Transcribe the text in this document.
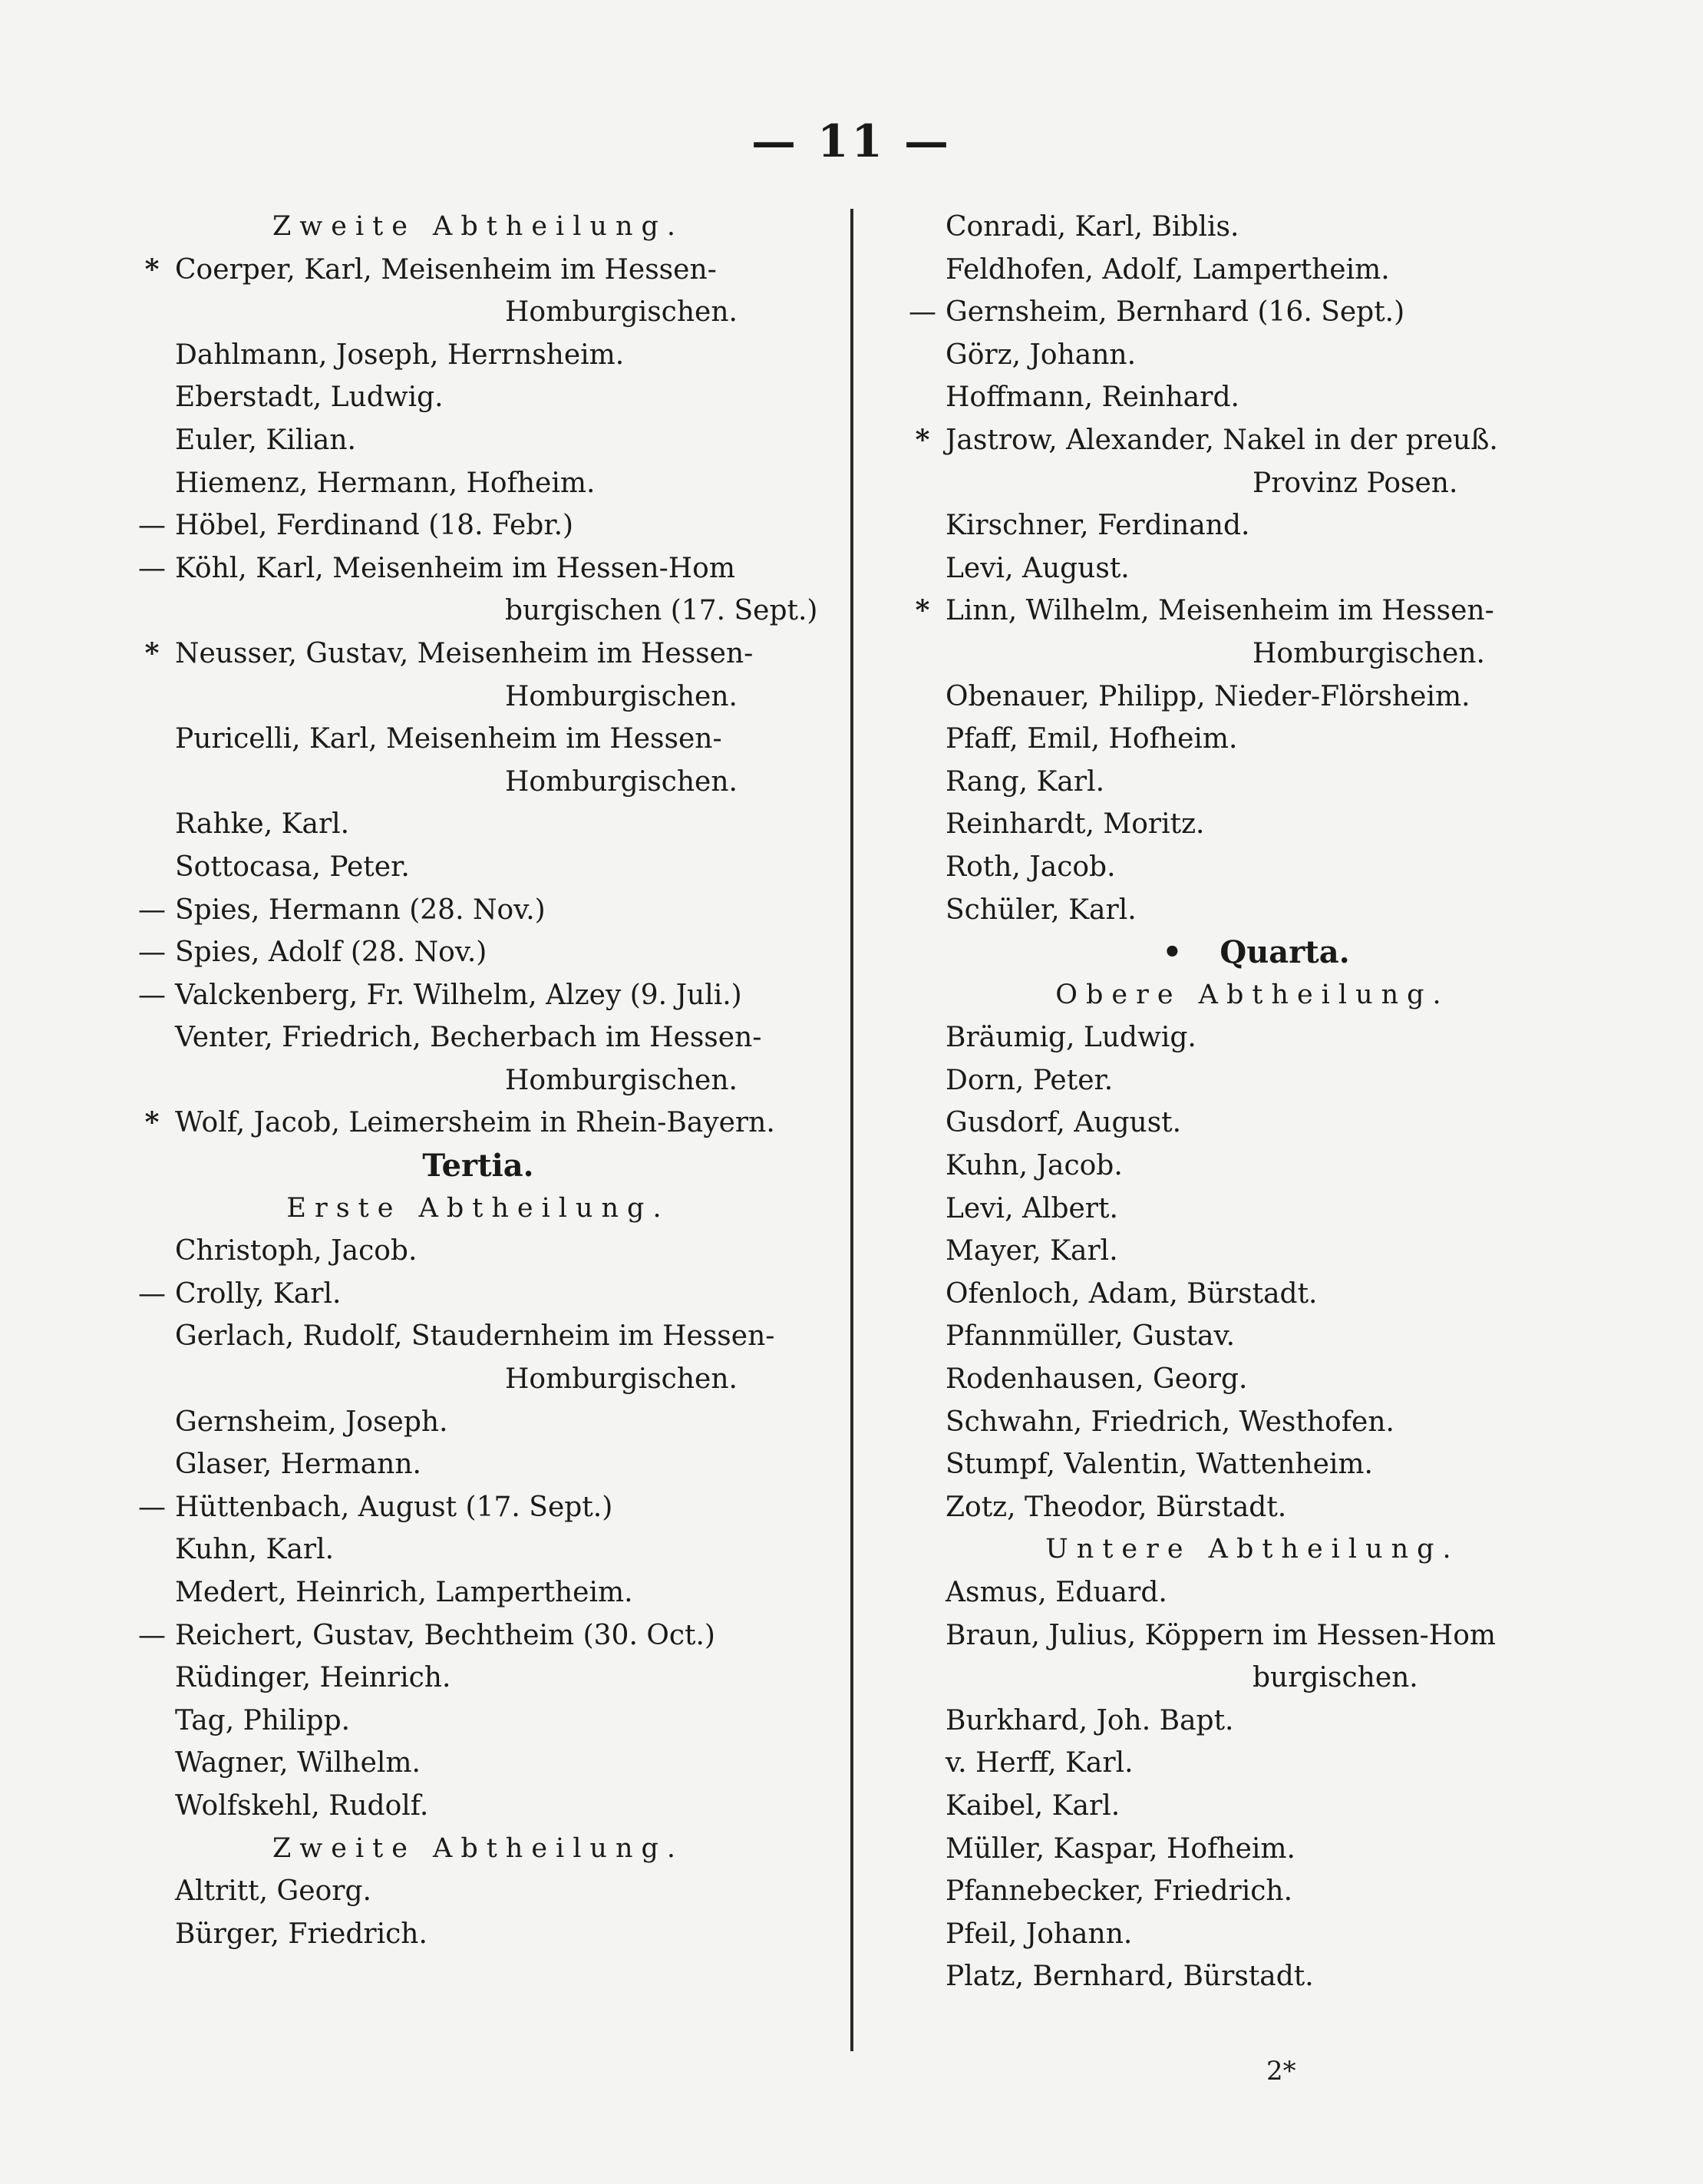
— 11 —
Zweite Abtheilung.
* Coerper, Karl, Meisenheim im Hessen-
Homburgischen.
Dahlmann, Joseph, Herrnsheim.
Eberstadt, Ludwig.
Euler, Kilian.
Hiemenz, Hermann, Hofheim.
— Höbel, Ferdinand (18. Febr.)
— Köhl, Karl, Meisenheim im Hessen-Hom
burgischen (17. Sept.)
* Neusser, Gustav, Meisenheim im Hessen-
Homburgischen.
Puricelli, Karl, Meisenheim im Hessen-
Homburgischen.
Rahke, Karl.
Sottocasa, Peter.
— Spies, Hermann (28. Nov.)
— Spies, Adolf (28. Nov.)
— Valckenberg, Fr. Wilhelm, Alzey (9. Juli.)
Venter, Friedrich, Becherbach im Hessen-
Homburgischen.
* Wolf, Jacob, Leimersheim in Rhein-Bayern.
Tertia.
Erste Abtheilung.
Christoph, Jacob.
— Crolly, Karl.
Gerlach, Rudolf, Staudernheim im Hessen-
Homburgischen.
Gernsheim, Joseph.
Glaser, Hermann.
— Hüttenbach, August (17. Sept.)
Kuhn, Karl.
Medert, Heinrich, Lampertheim.
— Reichert, Gustav, Bechtheim (30. Oct.)
Rüdinger, Heinrich.
Tag, Philipp.
Wagner, Wilhelm.
Wolfskehl, Rudolf.
Zweite Abtheilung.
Altritt, Georg.
Bürger, Friedrich.
Conradi, Karl, Biblis.
Feldhofen, Adolf, Lampertheim.
— Gernsheim, Bernhard (16. Sept.)
Görz, Johann.
Hoffmann, Reinhard.
* Jastrow, Alexander, Nakel in der preuß.
Provinz Posen.
Kirschner, Ferdinand.
Levi, August.
* Linn, Wilhelm, Meisenheim im Hessen-
Homburgischen.
Obenauer, Philipp, Nieder-Flörsheim.
Pfaff, Emil, Hofheim.
Rang, Karl.
Reinhardt, Moritz.
Roth, Jacob.
Schüler, Karl.
• Quarta.
Obere Abtheilung.
Bräumig, Ludwig.
Dorn, Peter.
Gusdorf, August.
Kuhn, Jacob.
Levi, Albert.
Mayer, Karl.
Ofenloch, Adam, Bürstadt.
Pfannmüller, Gustav.
Rodenhausen, Georg.
Schwahn, Friedrich, Westhofen.
Stumpf, Valentin, Wattenheim.
Zotz, Theodor, Bürstadt.
Untere Abtheilung.
Asmus, Eduard.
Braun, Julius, Köppern im Hessen-Hom
burgischen.
Burkhard, Joh. Bapt.
v. Herff, Karl.
Kaibel, Karl.
Müller, Kaspar, Hofheim.
Pfannebecker, Friedrich.
Pfeil, Johann.
Platz, Bernhard, Bürstadt.
2*
